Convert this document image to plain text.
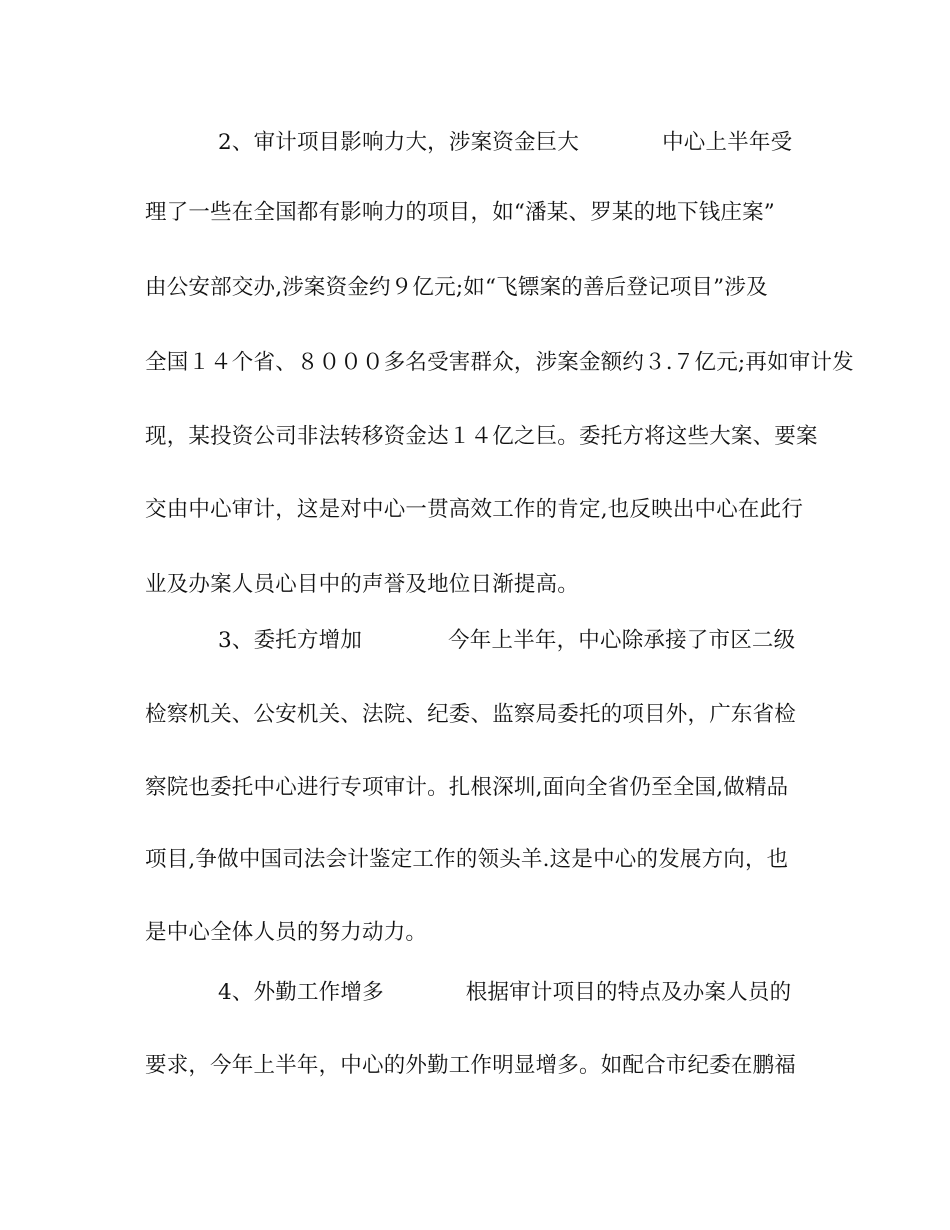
2、审计项目影响力大，涉案资金巨大	中心上半年受
理了一些在全国都有影响力的项目，如“潘某、罗某的地下钱庄案”
由公安部交办,涉案资金约９亿元;如“飞镖案的善后登记项目”涉及
全国１４个省、８０００多名受害群众，涉案金额约３.７亿元;再如审计发
现，某投资公司非法转移资金达１４亿之巨。委托方将这些大案、要案
交由中心审计，这是对中心一贯高效工作的肯定,也反映出中心在此行
业及办案人员心目中的声誉及地位日渐提高。
3、委托方增加	今年上半年，中心除承接了市区二级
检察机关、公安机关、法院、纪委、监察局委托的项目外，广东省检
察院也委托中心进行专项审计。扎根深圳,面向全省仍至全国,做精品
项目,争做中国司法会计鉴定工作的领头羊.这是中心的发展方向，也
是中心全体人员的努力动力。
4、外勤工作增多	根据审计项目的特点及办案人员的
要求，今年上半年，中心的外勤工作明显增多。如配合市纪委在鹏福
